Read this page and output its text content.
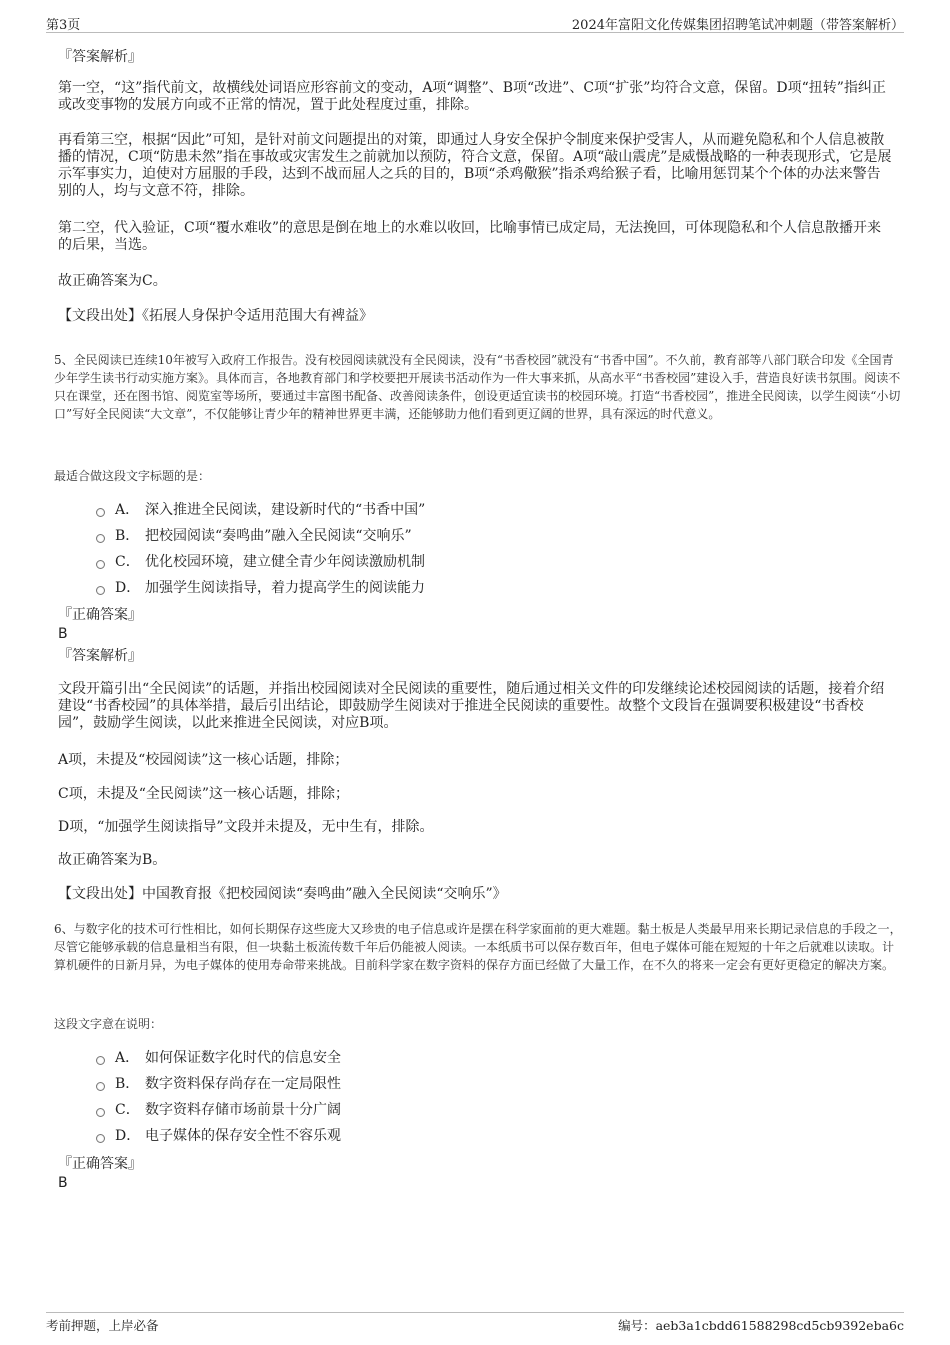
第3页	2024年富阳文化传媒集团招聘笔试冲刺题（带答案解析）
『答案解析』
第一空，“这”指代前文，故横线处词语应形容前文的变动，A项“调整”、B项“改进”、C项“扩张”均符合文意，保留。D项“扭转”指纠正或改变事物的发展方向或不正常的情况，置于此处程度过重，排除。
再看第三空，根据“因此”可知，是针对前文问题提出的对策，即通过人身安全保护令制度来保护受害人，从而避免隐私和个人信息被散播的情况，C项“防患未然”指在事故或灾害发生之前就加以预防，符合文意，保留。A项“敲山震虎”是威慑战略的一种表现形式，它是展示军事实力，迫使对方屈服的手段，达到不战而屈人之兵的目的，B项“杀鸡儆猴”指杀鸡给猴子看，比喻用惩罚某个个体的办法来警告别的人，均与文意不符，排除。
第二空，代入验证，C项“覆水难收”的意思是倒在地上的水难以收回，比喻事情已成定局，无法挽回，可体现隐私和个人信息散播开来的后果，当选。
故正确答案为C。
【文段出处】《拓展人身保护令适用范围大有裨益》
5、全民阅读已连续10年被写入政府工作报告。没有校园阅读就没有全民阅读，没有“书香校园”就没有“书香中国”。不久前，教育部等八部门联合印发《全国青少年学生读书行动实施方案》。具体而言，各地教育部门和学校要把开展读书活动作为一件大事来抓，从高水平“书香校园”建设入手，营造良好读书氛围。阅读不只在课堂，还在图书馆、阅览室等场所，要通过丰富图书配备、改善阅读条件，创设更适宜读书的校园环境。打造“书香校园”，推进全民阅读，以学生阅读“小切口”写好全民阅读“大文章”，不仅能够让青少年的精神世界更丰满，还能够助力他们看到更辽阔的世界，具有深远的时代意义。
最适合做这段文字标题的是：
A． 深入推进全民阅读，建设新时代的“书香中国”
B． 把校园阅读“奏鸣曲”融入全民阅读“交响乐”
C． 优化校园环境，建立健全青少年阅读激励机制
D． 加强学生阅读指导，着力提高学生的阅读能力
『正确答案』
B
『答案解析』
文段开篇引出“全民阅读”的话题，并指出校园阅读对全民阅读的重要性，随后通过相关文件的印发继续论述校园阅读的话题，接着介绍建设“书香校园”的具体举措，最后引出结论，即鼓励学生阅读对于推进全民阅读的重要性。故整个文段旨在强调要积极建设“书香校园”，鼓励学生阅读，以此来推进全民阅读，对应B项。
A项，未提及“校园阅读”这一核心话题，排除；
C项，未提及“全民阅读”这一核心话题，排除；
D项，“加强学生阅读指导”文段并未提及，无中生有，排除。
故正确答案为B。
【文段出处】中国教育报《把校园阅读“奏鸣曲”融入全民阅读“交响乐”》
6、与数字化的技术可行性相比，如何长期保存这些庞大又珍贵的电子信息或许是摆在科学家面前的更大难题。黏土板是人类最早用来长期记录信息的手段之一，尽管它能够承载的信息量相当有限，但一块黏土板流传数千年后仍能被人阅读。一本纸质书可以保存数百年，但电子媒体可能在短短的十年之后就难以读取。计算机硬件的日新月异，为电子媒体的使用寿命带来挑战。目前科学家在数字资料的保存方面已经做了大量工作，在不久的将来一定会有更好更稳定的解决方案。
这段文字意在说明：
A． 如何保证数字化时代的信息安全
B． 数字资料保存尚存在一定局限性
C． 数字资料存储市场前景十分广阔
D． 电子媒体的保存安全性不容乐观
『正确答案』
B
考前押题，上岸必备	编号：aeb3a1cbdd61588298cd5cb9392eba6c
